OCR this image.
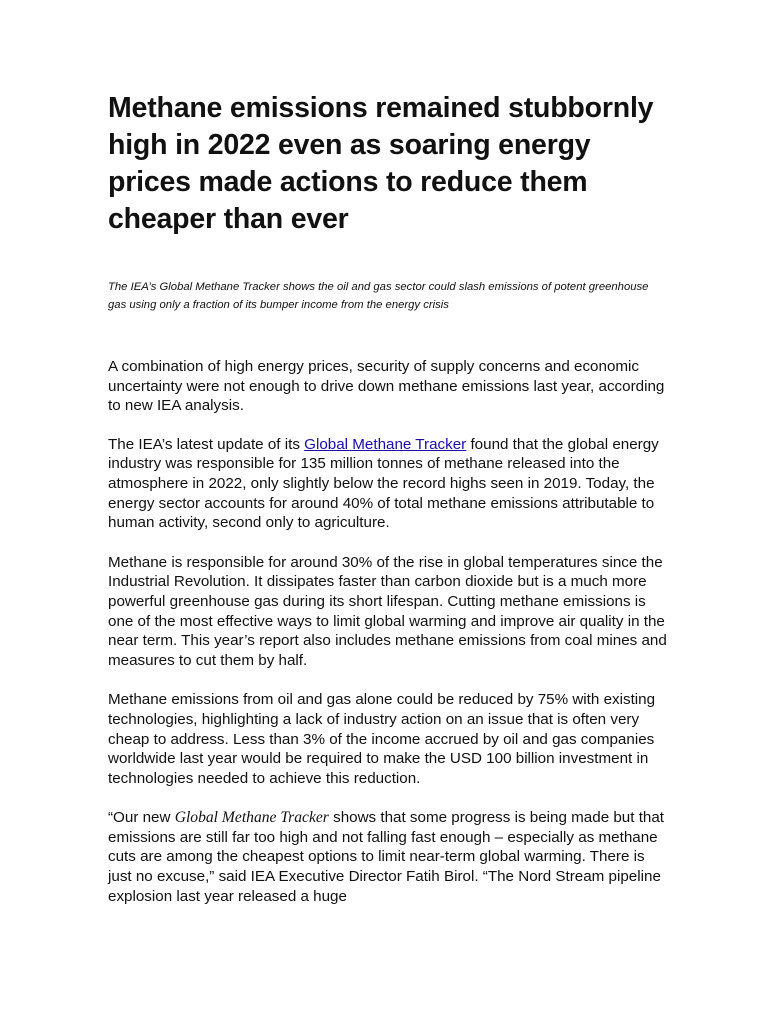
Methane emissions remained stubbornly high in 2022 even as soaring energy prices made actions to reduce them cheaper than ever

The IEA’s Global Methane Tracker shows the oil and gas sector could slash emissions of potent greenhouse gas using only a fraction of its bumper income from the energy crisis

A combination of high energy prices, security of supply concerns and economic uncertainty were not enough to drive down methane emissions last year, according to new IEA analysis.

The IEA’s latest update of its Global Methane Tracker found that the global energy industry was responsible for 135 million tonnes of methane released into the atmosphere in 2022, only slightly below the record highs seen in 2019. Today, the energy sector accounts for around 40% of total methane emissions attributable to human activity, second only to agriculture.

Methane is responsible for around 30% of the rise in global temperatures since the Industrial Revolution. It dissipates faster than carbon dioxide but is a much more powerful greenhouse gas during its short lifespan. Cutting methane emissions is one of the most effective ways to limit global warming and improve air quality in the near term. This year’s report also includes methane emissions from coal mines and measures to cut them by half.

Methane emissions from oil and gas alone could be reduced by 75% with existing technologies, highlighting a lack of industry action on an issue that is often very cheap to address. Less than 3% of the income accrued by oil and gas companies worldwide last year would be required to make the USD 100 billion investment in technologies needed to achieve this reduction.

“Our new Global Methane Tracker shows that some progress is being made but that emissions are still far too high and not falling fast enough – especially as methane cuts are among the cheapest options to limit near-term global warming. There is just no excuse,” said IEA Executive Director Fatih Birol. “The Nord Stream pipeline explosion last year released a huge
